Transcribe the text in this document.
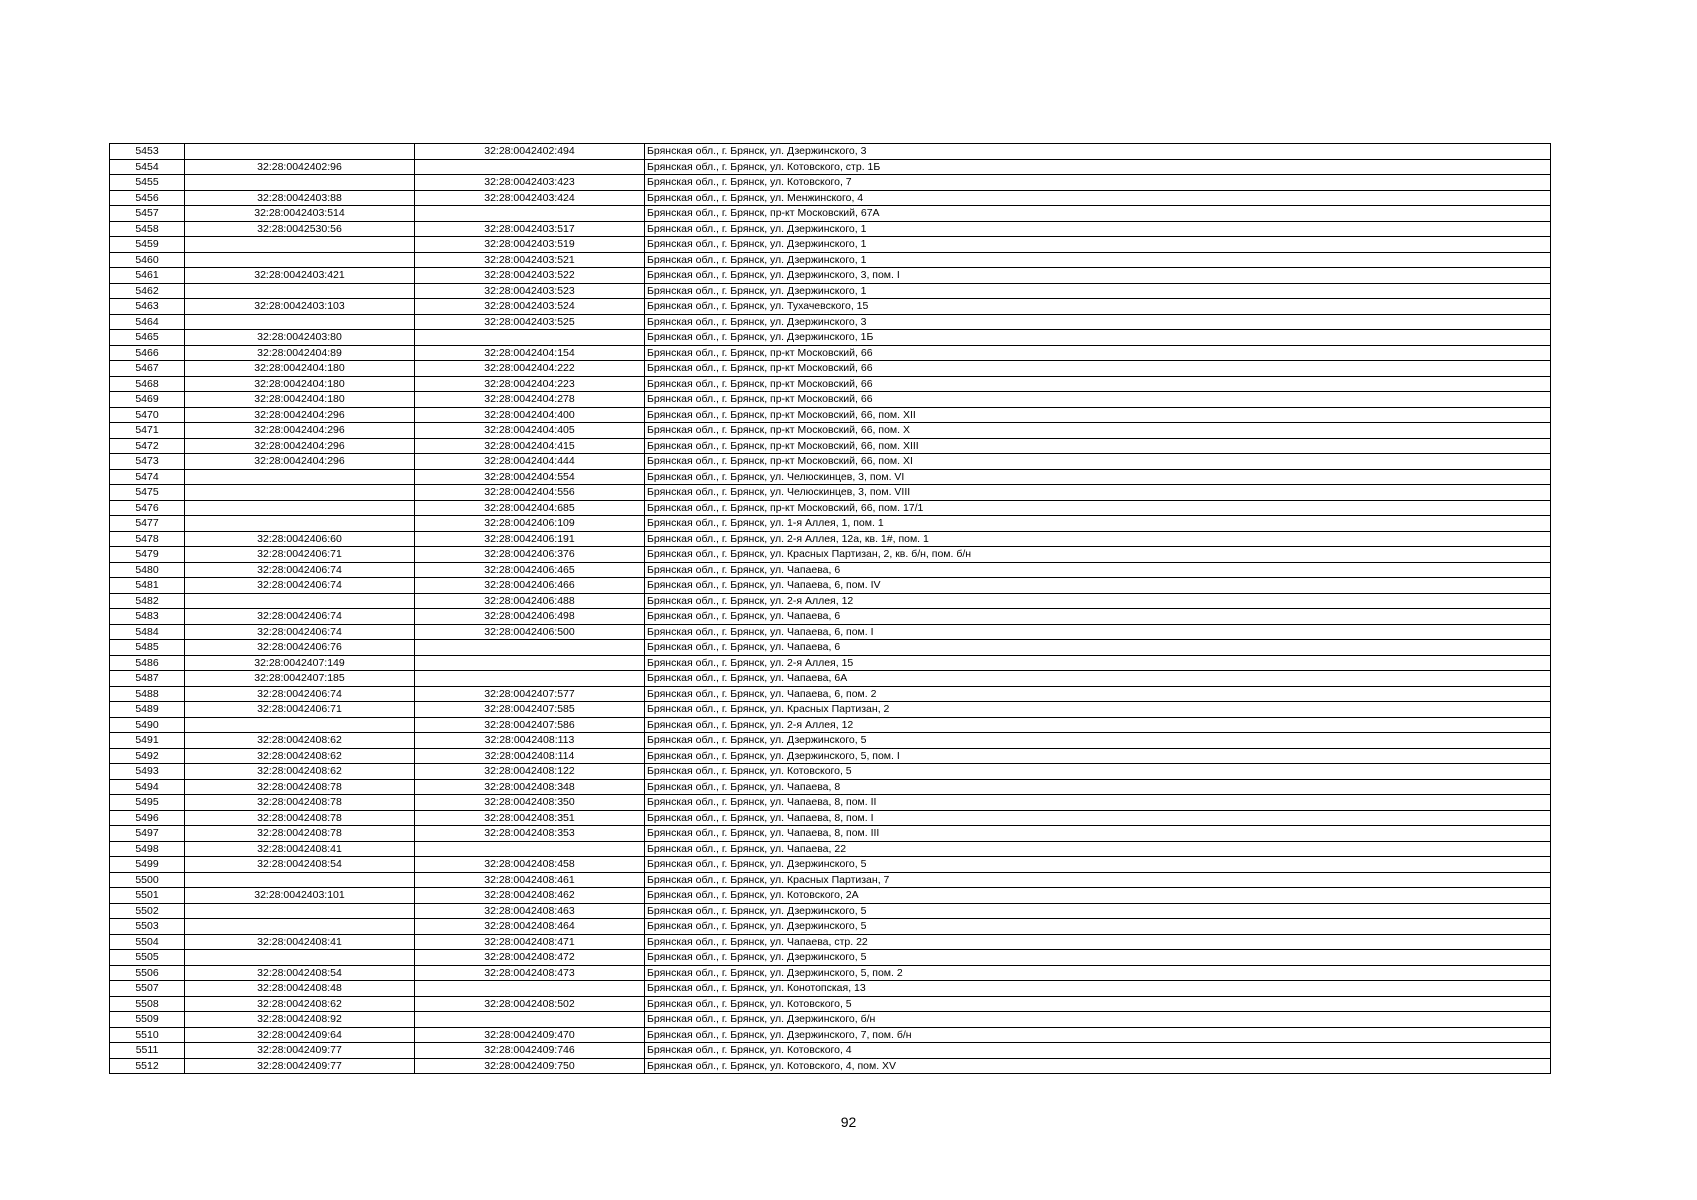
5453		32:28:0042402:494	Брянская обл., г. Брянск, ул. Дзержинского, 3
5454	32:28:0042402:96		Брянская обл., г. Брянск, ул. Котовского, стр. 1Б
5455		32:28:0042403:423	Брянская обл., г. Брянск, ул. Котовского, 7
5456	32:28:0042403:88	32:28:0042403:424	Брянская обл., г. Брянск, ул. Менжинского, 4
5457	32:28:0042403:514		Брянская обл., г. Брянск, пр-кт Московский, 67А
5458	32:28:0042530:56	32:28:0042403:517	Брянская обл., г. Брянск, ул. Дзержинского, 1
5459		32:28:0042403:519	Брянская обл., г. Брянск, ул. Дзержинского, 1
5460		32:28:0042403:521	Брянская обл., г. Брянск, ул. Дзержинского, 1
5461	32:28:0042403:421	32:28:0042403:522	Брянская обл., г. Брянск, ул. Дзержинского, 3, пом. I
5462		32:28:0042403:523	Брянская обл., г. Брянск, ул. Дзержинского, 1
5463	32:28:0042403:103	32:28:0042403:524	Брянская обл., г. Брянск, ул. Тухачевского, 15
5464		32:28:0042403:525	Брянская обл., г. Брянск, ул. Дзержинского, 3
5465	32:28:0042403:80		Брянская обл., г. Брянск, ул. Дзержинского, 1Б
5466	32:28:0042404:89	32:28:0042404:154	Брянская обл., г. Брянск, пр-кт Московский, 66
5467	32:28:0042404:180	32:28:0042404:222	Брянская обл., г. Брянск, пр-кт Московский, 66
5468	32:28:0042404:180	32:28:0042404:223	Брянская обл., г. Брянск, пр-кт Московский, 66
5469	32:28:0042404:180	32:28:0042404:278	Брянская обл., г. Брянск, пр-кт Московский, 66
5470	32:28:0042404:296	32:28:0042404:400	Брянская обл., г. Брянск, пр-кт Московский, 66, пом. XII
5471	32:28:0042404:296	32:28:0042404:405	Брянская обл., г. Брянск, пр-кт Московский, 66, пом. X
5472	32:28:0042404:296	32:28:0042404:415	Брянская обл., г. Брянск, пр-кт Московский, 66, пом. XIII
5473	32:28:0042404:296	32:28:0042404:444	Брянская обл., г. Брянск, пр-кт Московский, 66, пом. XI
5474		32:28:0042404:554	Брянская обл., г. Брянск, ул. Челюскинцев, 3, пом. VI
5475		32:28:0042404:556	Брянская обл., г. Брянск, ул. Челюскинцев, 3, пом. VIII
5476		32:28:0042404:685	Брянская обл., г. Брянск, пр-кт Московский, 66, пом. 17/1
5477		32:28:0042406:109	Брянская обл., г. Брянск, ул. 1-я Аллея, 1, пом. 1
5478	32:28:0042406:60	32:28:0042406:191	Брянская обл., г. Брянск, ул. 2-я Аллея, 12а, кв. 1#, пом. 1
5479	32:28:0042406:71	32:28:0042406:376	Брянская обл., г. Брянск, ул. Красных Партизан, 2, кв. б/н, пом. б/н
5480	32:28:0042406:74	32:28:0042406:465	Брянская обл., г. Брянск, ул. Чапаева, 6
5481	32:28:0042406:74	32:28:0042406:466	Брянская обл., г. Брянск, ул. Чапаева, 6, пом. IV
5482		32:28:0042406:488	Брянская обл., г. Брянск, ул. 2-я Аллея, 12
5483	32:28:0042406:74	32:28:0042406:498	Брянская обл., г. Брянск, ул. Чапаева, 6
5484	32:28:0042406:74	32:28:0042406:500	Брянская обл., г. Брянск, ул. Чапаева, 6, пом. I
5485	32:28:0042406:76		Брянская обл., г. Брянск, ул. Чапаева, 6
5486	32:28:0042407:149		Брянская обл., г. Брянск, ул. 2-я Аллея, 15
5487	32:28:0042407:185		Брянская обл., г. Брянск, ул. Чапаева, 6А
5488	32:28:0042406:74	32:28:0042407:577	Брянская обл., г. Брянск, ул. Чапаева, 6, пом. 2
5489	32:28:0042406:71	32:28:0042407:585	Брянская обл., г. Брянск, ул. Красных Партизан, 2
5490		32:28:0042407:586	Брянская обл., г. Брянск, ул. 2-я Аллея, 12
5491	32:28:0042408:62	32:28:0042408:113	Брянская обл., г. Брянск, ул. Дзержинского, 5
5492	32:28:0042408:62	32:28:0042408:114	Брянская обл., г. Брянск, ул. Дзержинского, 5, пом. I
5493	32:28:0042408:62	32:28:0042408:122	Брянская обл., г. Брянск, ул. Котовского, 5
5494	32:28:0042408:78	32:28:0042408:348	Брянская обл., г. Брянск, ул. Чапаева, 8
5495	32:28:0042408:78	32:28:0042408:350	Брянская обл., г. Брянск, ул. Чапаева, 8, пом. II
5496	32:28:0042408:78	32:28:0042408:351	Брянская обл., г. Брянск, ул. Чапаева, 8, пом. I
5497	32:28:0042408:78	32:28:0042408:353	Брянская обл., г. Брянск, ул. Чапаева, 8, пом. III
5498	32:28:0042408:41		Брянская обл., г. Брянск, ул. Чапаева, 22
5499	32:28:0042408:54	32:28:0042408:458	Брянская обл., г. Брянск, ул. Дзержинского, 5
5500		32:28:0042408:461	Брянская обл., г. Брянск, ул. Красных Партизан, 7
5501	32:28:0042403:101	32:28:0042408:462	Брянская обл., г. Брянск, ул. Котовского, 2А
5502		32:28:0042408:463	Брянская обл., г. Брянск, ул. Дзержинского, 5
5503		32:28:0042408:464	Брянская обл., г. Брянск, ул. Дзержинского, 5
5504	32:28:0042408:41	32:28:0042408:471	Брянская обл., г. Брянск, ул. Чапаева, стр. 22
5505		32:28:0042408:472	Брянская обл., г. Брянск, ул. Дзержинского, 5
5506	32:28:0042408:54	32:28:0042408:473	Брянская обл., г. Брянск, ул. Дзержинского, 5, пом. 2
5507	32:28:0042408:48		Брянская обл., г. Брянск, ул. Конотопская, 13
5508	32:28:0042408:62	32:28:0042408:502	Брянская обл., г. Брянск, ул. Котовского, 5
5509	32:28:0042408:92		Брянская обл., г. Брянск, ул. Дзержинского, б/н
5510	32:28:0042409:64	32:28:0042409:470	Брянская обл., г. Брянск, ул. Дзержинского, 7, пом. б/н
5511	32:28:0042409:77	32:28:0042409:746	Брянская обл., г. Брянск, ул. Котовского, 4
5512	32:28:0042409:77	32:28:0042409:750	Брянская обл., г. Брянск, ул. Котовского, 4, пом. XV
92
